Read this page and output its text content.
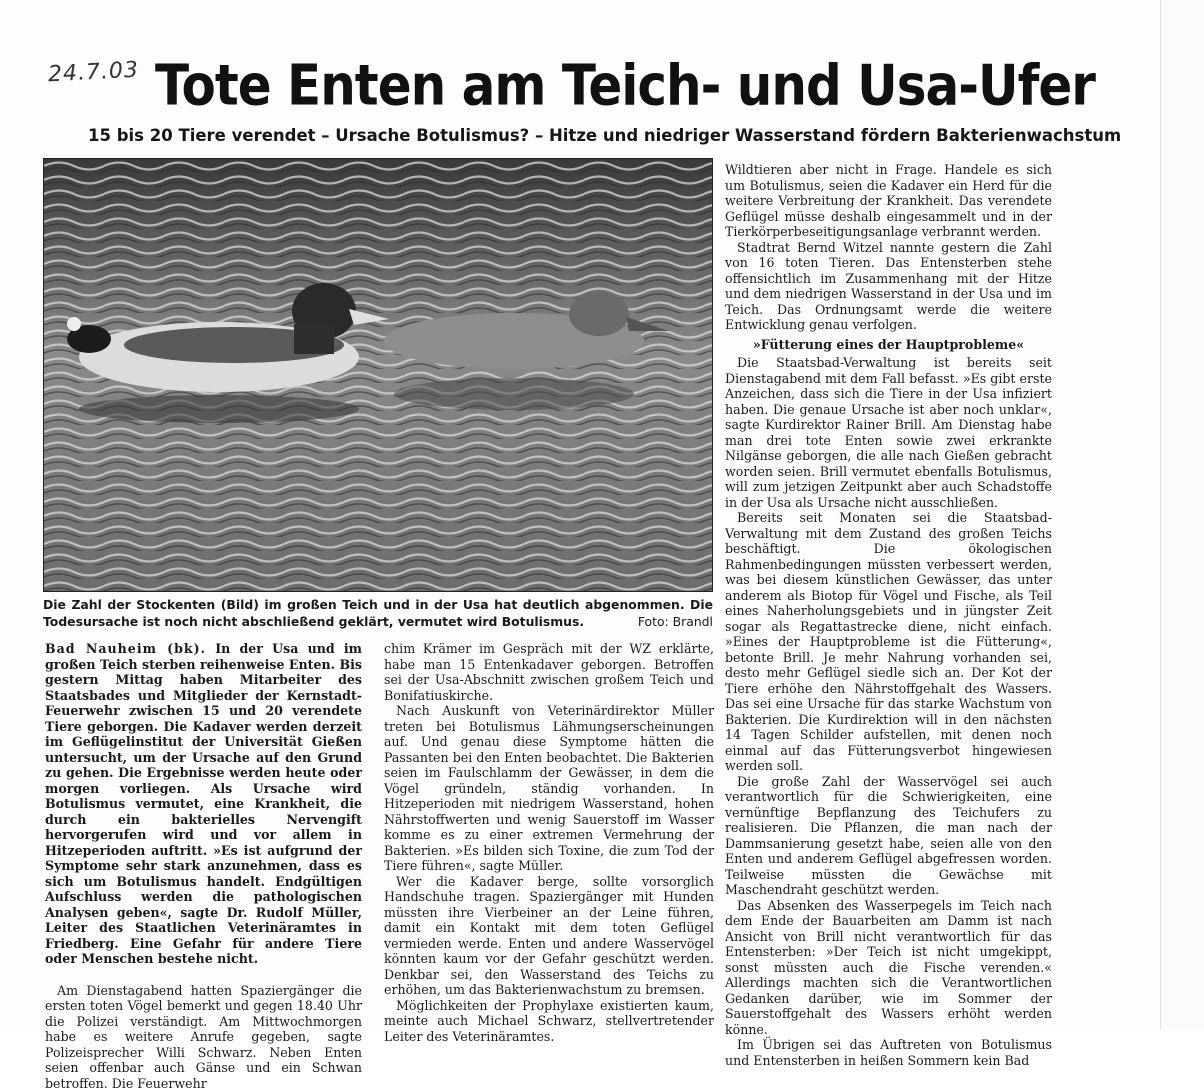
24.7.03 Tote Enten am Teich- und Usa-Ufer
15 bis 20 Tiere verendet – Ursache Botulismus? – Hitze und niedriger Wasserstand fördern Bakterienwachstum
Die Zahl der Stockenten (Bild) im großen Teich und in der Usa hat deutlich abgenommen. Die Todesursache ist noch nicht abschließend geklärt, vermutet wird Botulismus.	Foto: Brandl

Bad Nauheim (bk). In der Usa und im großen Teich sterben reihenweise Enten. Bis gestern Mittag haben Mitarbeiter des Staatsbades und Mitglieder der Kernstadt-Feuerwehr zwischen 15 und 20 verendete Tiere geborgen. Die Kadaver werden derzeit im Geflügelinstitut der Universität Gießen untersucht, um der Ursache auf den Grund zu gehen. Die Ergebnisse werden heute oder morgen vorliegen. Als Ursache wird Botulismus vermutet, eine Krankheit, die durch ein bakterielles Nervengift hervorgerufen wird und vor allem in Hitzeperioden auftritt. »Es ist aufgrund der Symptome sehr stark anzunehmen, dass es sich um Botulismus handelt. Endgültigen Aufschluss werden die pathologischen Analysen geben«, sagte Dr. Rudolf Müller, Leiter des Staatlichen Veterinäramtes in Friedberg. Eine Gefahr für andere Tiere oder Menschen bestehe nicht.

Am Dienstagabend hatten Spaziergänger die ersten toten Vögel bemerkt und gegen 18.40 Uhr die Polizei verständigt. Am Mittwochmorgen habe es weitere Anrufe gegeben, sagte Polizeisprecher Willi Schwarz. Neben Enten seien offenbar auch Gänse und ein Schwan betroffen. Die Feuerwehr

chim Krämer im Gespräch mit der WZ erklärte, habe man 15 Entenkadaver geborgen. Betroffen sei der Usa-Abschnitt zwischen großem Teich und Bonifatiuskirche.

Nach Auskunft von Veterinärdirektor Müller treten bei Botulismus Lähmungserscheinungen auf. Und genau diese Symptome hätten die Passanten bei den Enten beobachtet. Die Bakterien seien im Faulschlamm der Gewässer, in dem die Vögel gründeln, ständig vorhanden. In Hitzeperioden mit niedrigem Wasserstand, hohen Nährstoffwerten und wenig Sauerstoff im Wasser komme es zu einer extremen Vermehrung der Bakterien. »Es bilden sich Toxine, die zum Tod der Tiere führen«, sagte Müller.

Wer die Kadaver berge, sollte vorsorglich Handschuhe tragen. Spaziergänger mit Hunden müssten ihre Vierbeiner an der Leine führen, damit ein Kontakt mit dem toten Geflügel vermieden werde. Enten und andere Wasservögel könnten kaum vor der Gefahr geschützt werden. Denkbar sei, den Wasserstand des Teichs zu erhöhen, um das Bakterienwachstum zu bremsen.

Möglichkeiten der Prophylaxe existierten kaum, meinte auch Michael Schwarz, stellvertretender Leiter des Veterinäramtes.

Wildtieren aber nicht in Frage. Handele es sich um Botulismus, seien die Kadaver ein Herd für die weitere Verbreitung der Krankheit. Das verendete Geflügel müsse deshalb eingesammelt und in der Tierkörperbeseitigungsanlage verbrannt werden.

Stadtrat Bernd Witzel nannte gestern die Zahl von 16 toten Tieren. Das Entensterben stehe offensichtlich im Zusammenhang mit der Hitze und dem niedrigen Wasserstand in der Usa und im Teich. Das Ordnungsamt werde die weitere Entwicklung genau verfolgen.

»Fütterung eines der Hauptprobleme«

Die Staatsbad-Verwaltung ist bereits seit Dienstagabend mit dem Fall befasst. »Es gibt erste Anzeichen, dass sich die Tiere in der Usa infiziert haben. Die genaue Ursache ist aber noch unklar«, sagte Kurdirektor Rainer Brill. Am Dienstag habe man drei tote Enten sowie zwei erkrankte Nilgänse geborgen, die alle nach Gießen gebracht worden seien. Brill vermutet ebenfalls Botulismus, will zum jetzigen Zeitpunkt aber auch Schadstoffe in der Usa als Ursache nicht ausschließen.

Bereits seit Monaten sei die Staatsbad-Verwaltung mit dem Zustand des großen Teichs beschäftigt. Die ökologischen Rahmenbedingungen müssten verbessert werden, was bei diesem künstlichen Gewässer, das unter anderem als Biotop für Vögel und Fische, als Teil eines Naherholungsgebiets und in jüngster Zeit sogar als Regattastrecke diene, nicht einfach. »Eines der Hauptprobleme ist die Fütterung«, betonte Brill. Je mehr Nahrung vorhanden sei, desto mehr Geflügel siedle sich an. Der Kot der Tiere erhöhe den Nährstoffgehalt des Wassers. Das sei eine Ursache für das starke Wachstum von Bakterien. Die Kurdirektion will in den nächsten 14 Tagen Schilder aufstellen, mit denen noch einmal auf das Fütterungsverbot hingewiesen werden soll.

Die große Zahl der Wasservögel sei auch verantwortlich für die Schwierigkeiten, eine vernünftige Bepflanzung des Teichufers zu realisieren. Die Pflanzen, die man nach der Dammsanierung gesetzt habe, seien alle von den Enten und anderem Geflügel abgefressen worden. Teilweise müssten die Gewächse mit Maschendraht geschützt werden.

Das Absenken des Wasserpegels im Teich nach dem Ende der Bauarbeiten am Damm ist nach Ansicht von Brill nicht verantwortlich für das Entensterben: »Der Teich ist nicht umgekippt, sonst müssten auch die Fische verenden.« Allerdings machten sich die Verantwortlichen Gedanken darüber, wie im Sommer der Sauerstoffgehalt des Wassers erhöht werden könne.

Im Übrigen sei das Auftreten von Botulismus und Entensterben in heißen Sommern kein Bad
